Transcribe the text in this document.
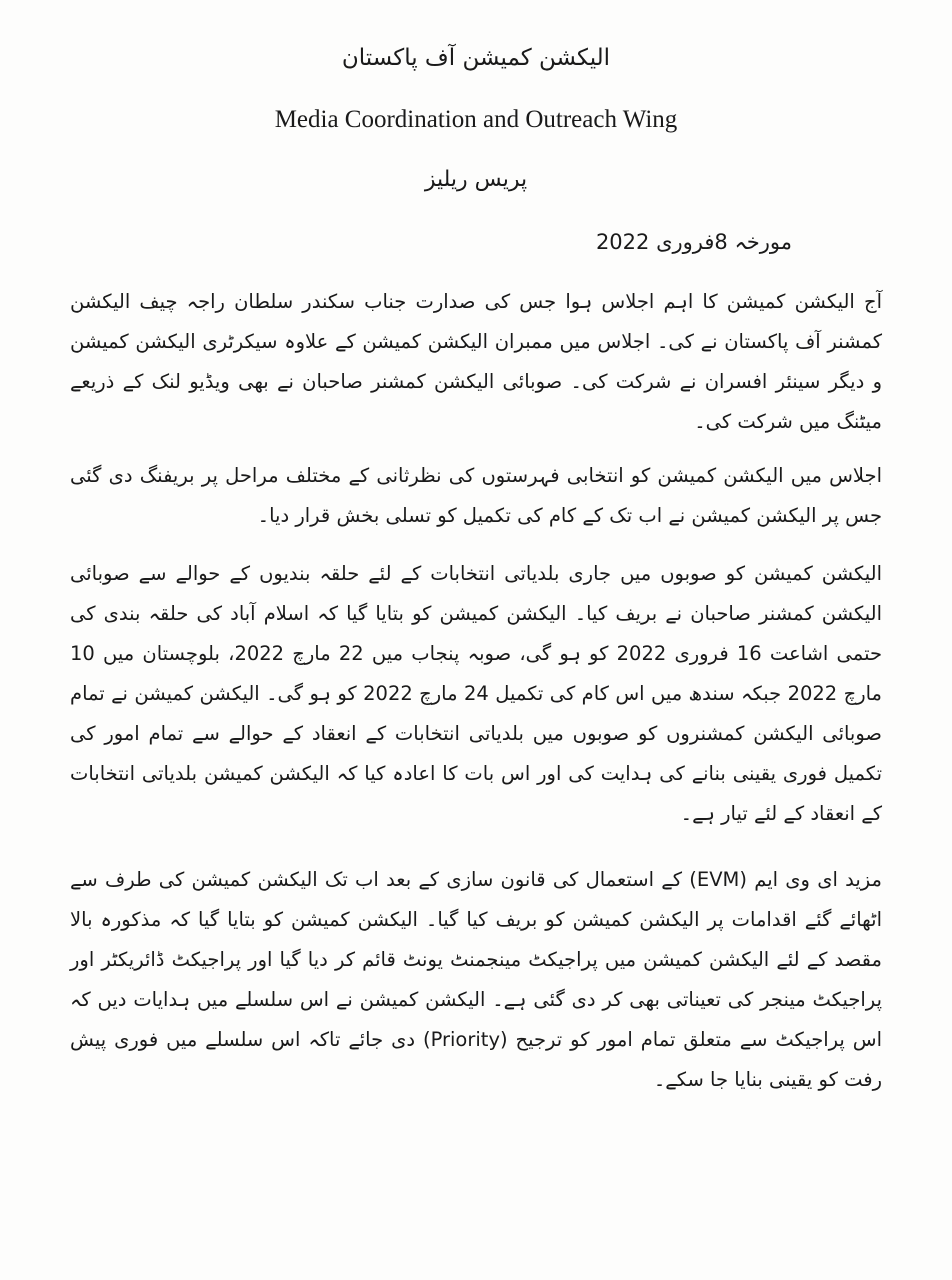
الیکشن کمیشن آف پاکستان

Media Coordination and Outreach Wing

پریس ریلیز

مورخہ 8فروری 2022

آج الیکشن کمیشن کا اہم اجلاس ہوا جس کی صدارت جناب سکندر سلطان راجہ چیف الیکشن کمشنر آف پاکستان نے کی۔ اجلاس میں ممبران الیکشن کمیشن کے علاوہ سیکرٹری الیکشن کمیشن و دیگر سینئر افسران نے شرکت کی۔ صوبائی الیکشن کمشنر صاحبان نے بھی ویڈیو لنک کے ذریعے میٹنگ میں شرکت کی۔

اجلاس میں الیکشن کمیشن کو انتخابی فہرستوں کی نظرثانی کے مختلف مراحل پر بریفنگ دی گئی جس پر الیکشن کمیشن نے اب تک کے کام کی تکمیل کو تسلی بخش قرار دیا۔

الیکشن کمیشن کو صوبوں میں جاری بلدیاتی انتخابات کے لئے حلقہ بندیوں کے حوالے سے صوبائی الیکشن کمشنر صاحبان نے بریف کیا۔ الیکشن کمیشن کو بتایا گیا کہ اسلام آباد کی حلقہ بندی کی حتمی اشاعت 16 فروری 2022 کو ہو گی، صوبہ پنجاب میں 22 مارچ 2022، بلوچستان میں 10 مارچ 2022 جبکہ سندھ میں اس کام کی تکمیل 24 مارچ 2022 کو ہو گی۔ الیکشن کمیشن نے تمام صوبائی الیکشن کمشنروں کو صوبوں میں بلدیاتی انتخابات کے انعقاد کے حوالے سے تمام امور کی تکمیل فوری یقینی بنانے کی ہدایت کی اور اس بات کا اعادہ کیا کہ الیکشن کمیشن بلدیاتی انتخابات کے انعقاد کے لئے تیار ہے۔

مزید ای وی ایم (EVM) کے استعمال کی قانون سازی کے بعد اب تک الیکشن کمیشن کی طرف سے اٹھائے گئے اقدامات پر الیکشن کمیشن کو بریف کیا گیا۔ الیکشن کمیشن کو بتایا گیا کہ مذکورہ بالا مقصد کے لئے الیکشن کمیشن میں پراجیکٹ مینجمنٹ یونٹ قائم کر دیا گیا اور پراجیکٹ ڈائریکٹر اور پراجیکٹ مینجر کی تعیناتی بھی کر دی گئی ہے۔ الیکشن کمیشن نے اس سلسلے میں ہدایات دیں کہ اس پراجیکٹ سے متعلق تمام امور کو ترجیح (Priority) دی جائے تاکہ اس سلسلے میں فوری پیش رفت کو یقینی بنایا جا سکے۔
